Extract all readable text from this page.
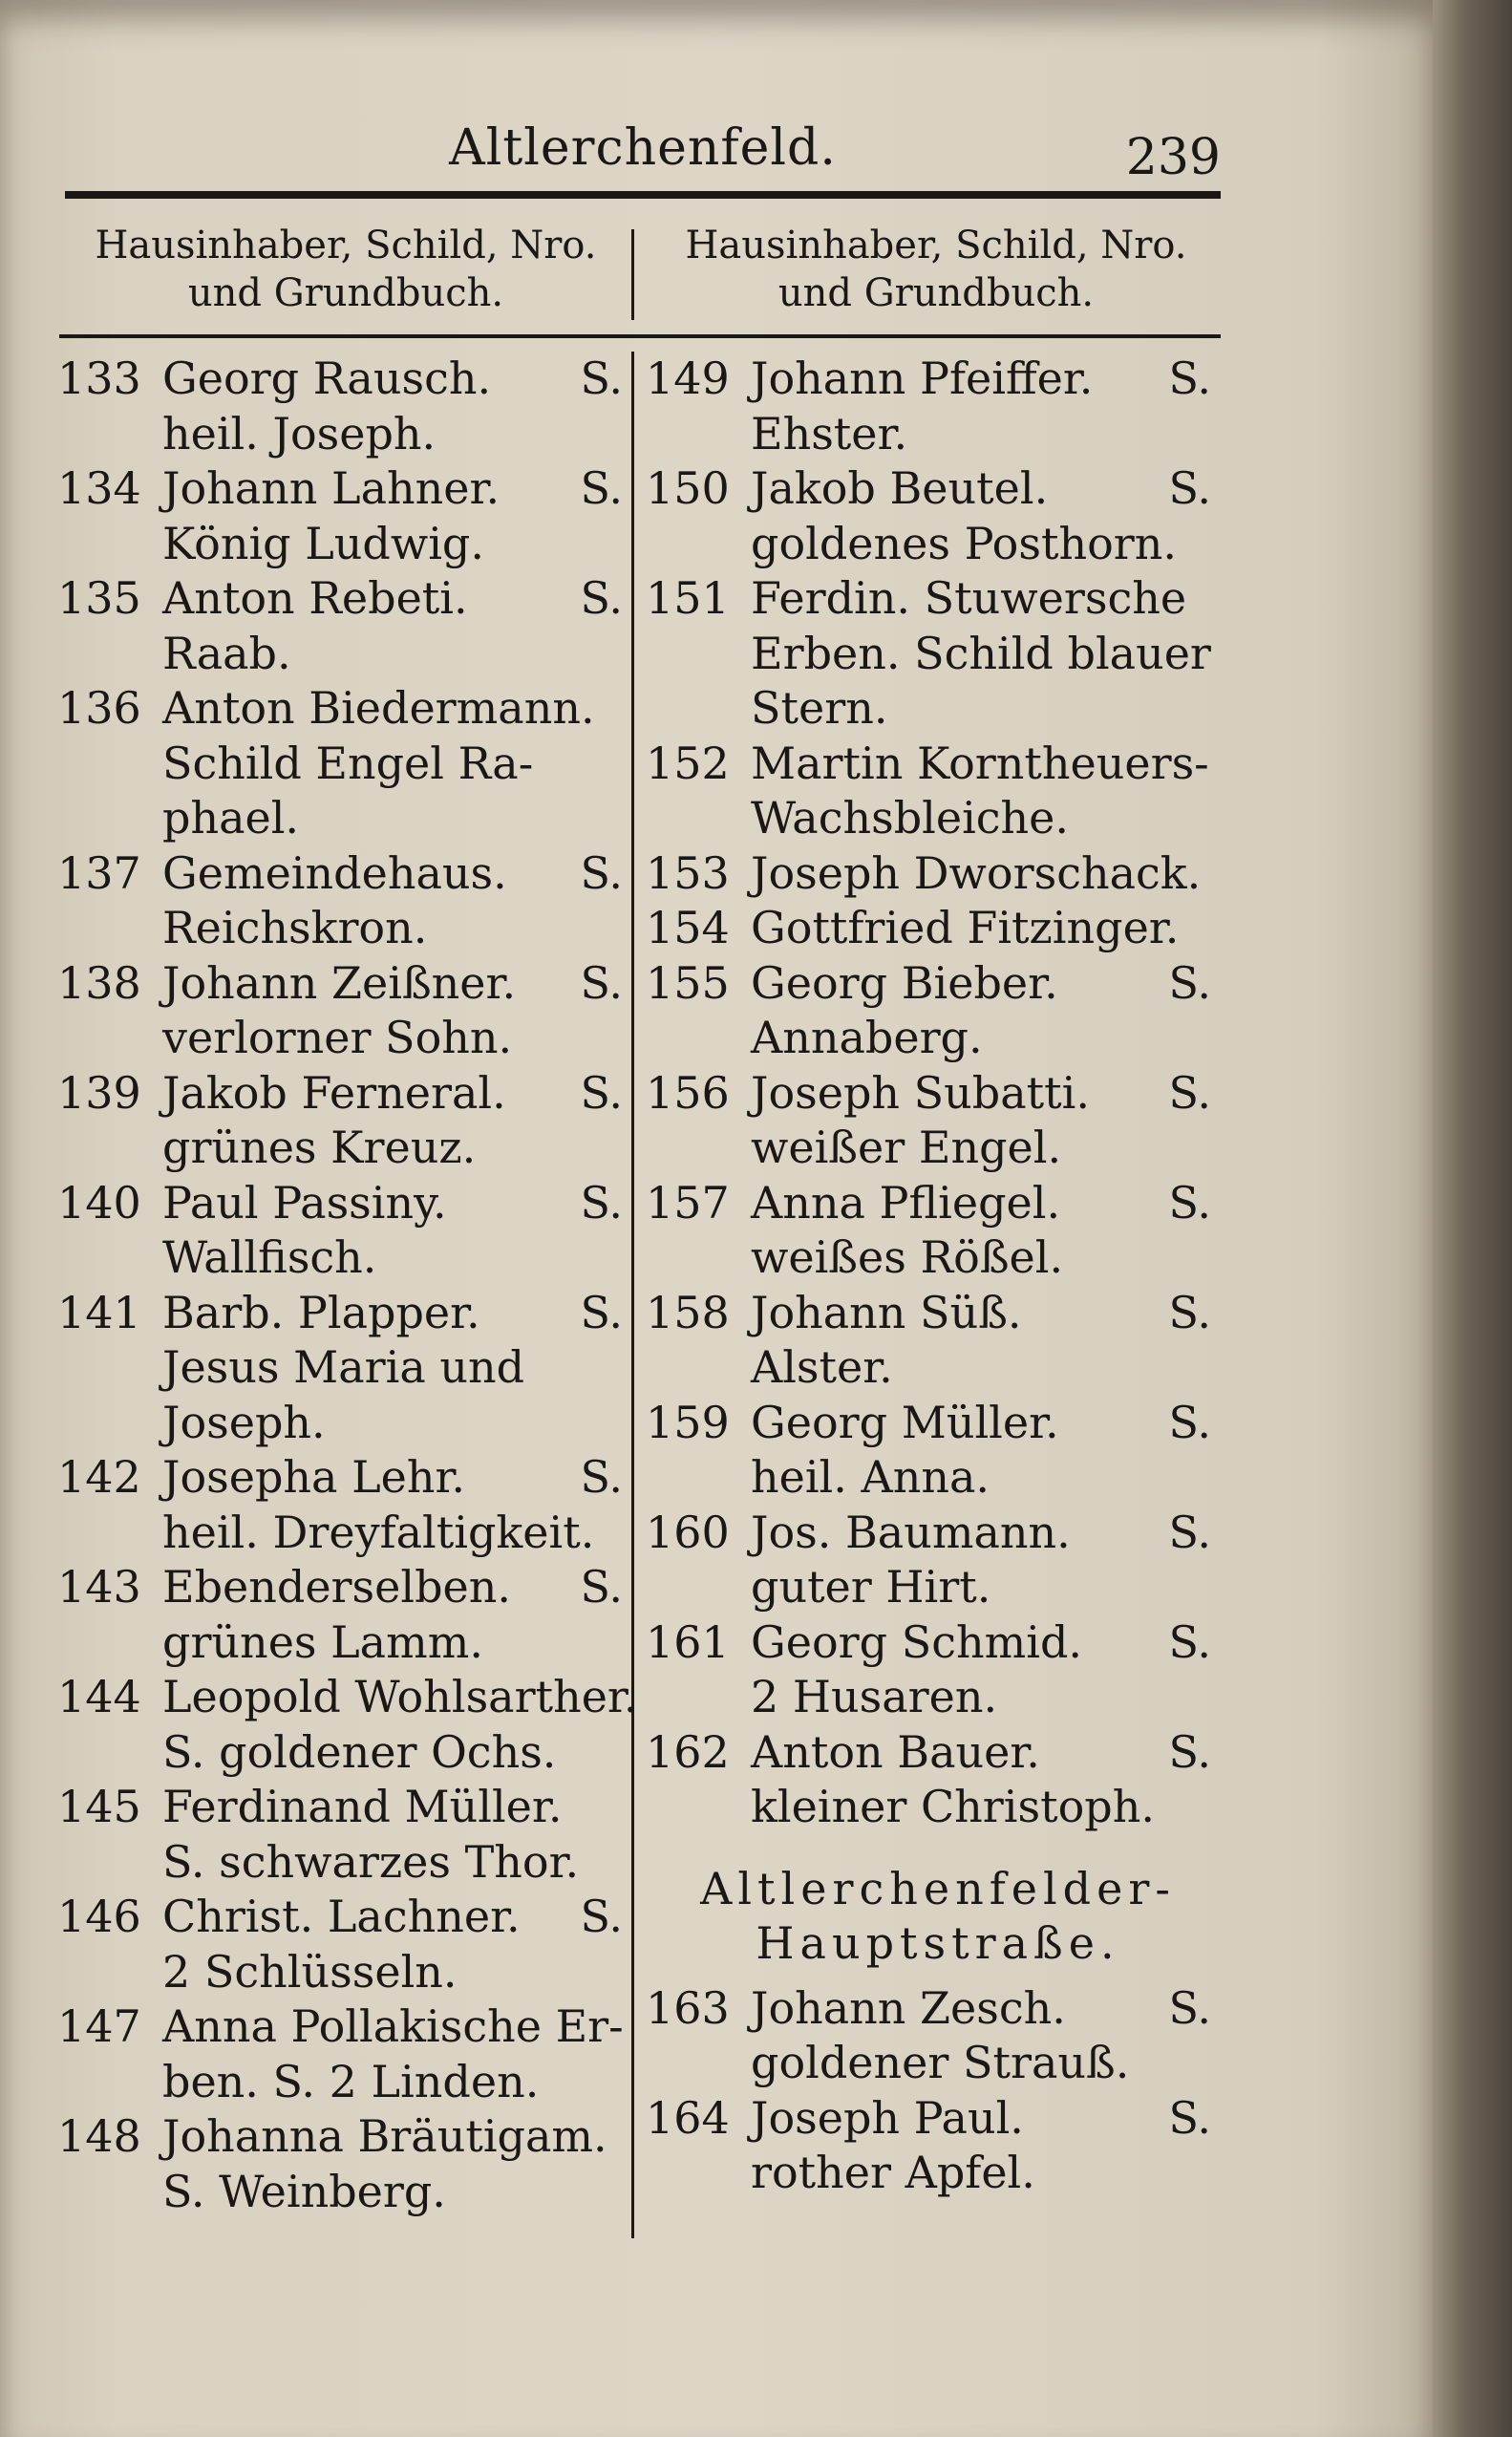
Altlerchenfeld.	239
Hausinhaber, Schild, Nro.
und Grundbuch.
Hausinhaber, Schild, Nro.
und Grundbuch.
133 Georg Rausch. S.
heil. Joseph.
134 Johann Lahner. S.
König Ludwig.
135 Anton Rebeti.	S.
Raab.
136 Anton Biedermann.
Schild Engel Ra-
phael.
137 Gemeindehaus. S.
Reichskron.
138 Johann Zeißner. S.
verlorner Sohn.
139 Jakob Ferneral. S.
grünes Kreuz.
140 Paul Passiny.	S.
Wallfisch.
141 Barb. Plapper. S.
Jesus Maria und
Joseph.
142 Josepha Lehr.	S.
heil. Dreyfaltigkeit.
143 Ebenderselben. S.
grünes Lamm.
144 Leopold Wohlsarther.
S. goldener Ochs.
145 Ferdinand Müller.
S. schwarzes Thor.
146 Christ. Lachner. S.
2 Schlüsseln.
147 Anna Pollakische Er-
ben. S. 2 Linden.
148 Johanna Bräutigam.
S. Weinberg.
149 Johann Pfeiffer. S.
Ehster.
150 Jakob Beutel.	S.
goldenes Posthorn.
151 Ferdin. Stuwersche
Erben. Schild blauer
Stern.
152 Martin Korntheuers-
Wachsbleiche.
153 Joseph Dworschack.
154 Gottfried Fitzinger.
155 Georg Bieber.	S.
Annaberg.
156 Joseph Subatti. S.
weißer Engel.
157 Anna Pfliegel. S.
weißes Rößel.
158 Johann Süß.	S.
Alster.
159 Georg Müller. S.
heil. Anna.
160 Jos. Baumann. S.
guter Hirt.
161 Georg Schmid. S.
2 Husaren.
162 Anton Bauer.	S.
kleiner Christoph.
Altlerchenfelder-
Hauptstraße.
163 Johann Zesch. S.
goldener Strauß.
164 Joseph Paul.	S.
rother Apfel.
